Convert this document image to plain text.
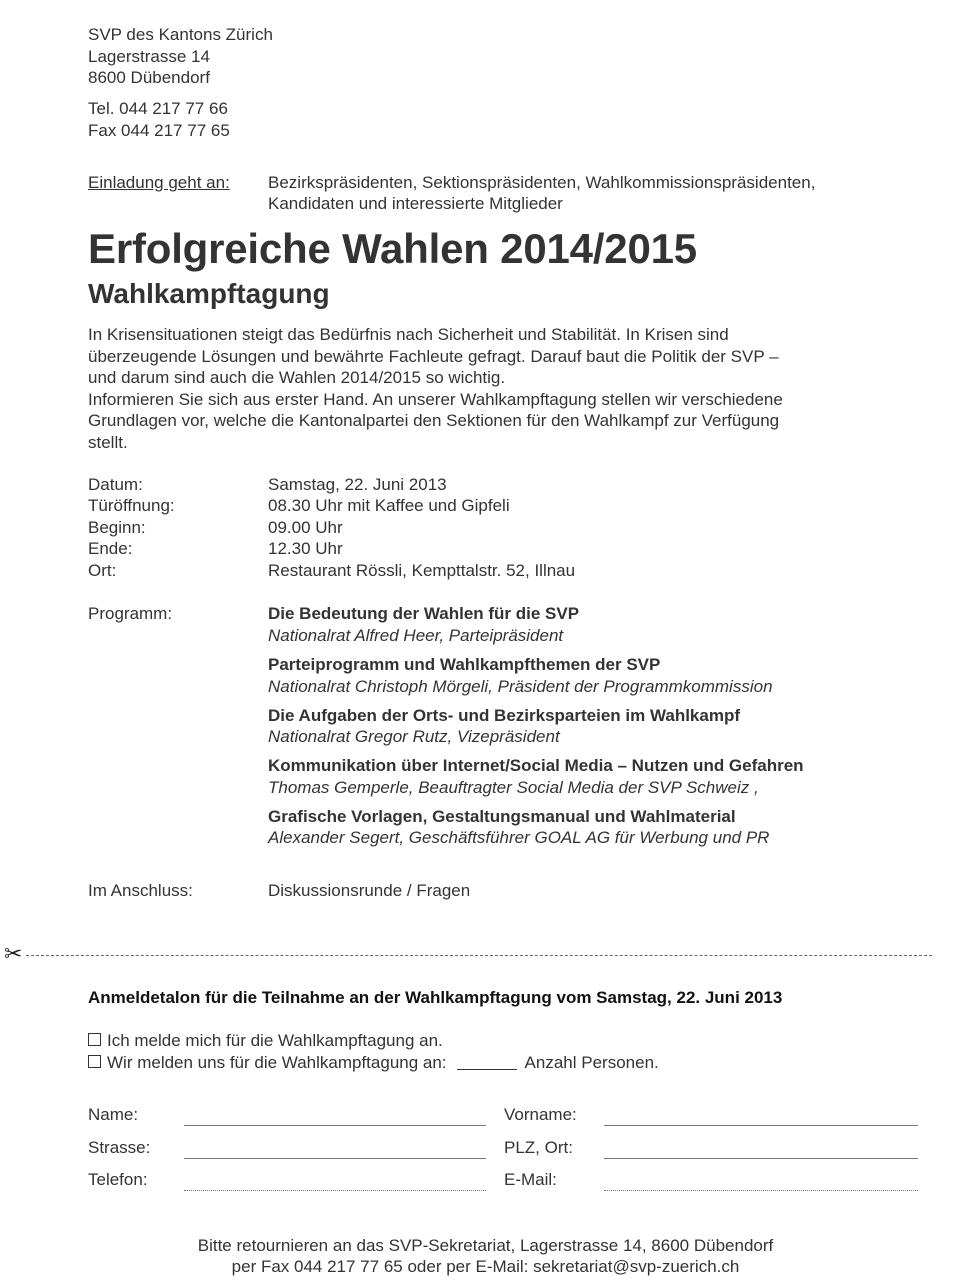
SVP des Kantons Zürich
Lagerstrasse 14
8600 Dübendorf
Tel. 044 217 77 66
Fax 044 217 77 65
Einladung geht an: Bezirkspräsidenten, Sektionspräsidenten, Wahlkommissionspräsidenten,
Kandidaten und interessierte Mitglieder
Erfolgreiche Wahlen 2014/2015
Wahlkampftagung

In Krisensituationen steigt das Bedürfnis nach Sicherheit und Stabilität. In Krisen sind

überzeugende Lösungen und bewährte Fachleute gefragt. Darauf baut die Politik der SVP –

und darum sind auch die Wahlen 2014/2015 so wichtig.

Informieren Sie sich aus erster Hand. An unserer Wahlkampftagung stellen wir verschiedene

Grundlagen vor, welche die Kantonalpartei den Sektionen für den Wahlkampf zur Verfügung

stellt.

Datum:	Samstag, 22. Juni 2013
Türöffnung:	08.30 Uhr mit Kaffee und Gipfeli
Beginn:	09.00 Uhr
Ende:	12.30 Uhr
Ort:	Restaurant Rössli, Kempttalstr. 52, Illnau
Programm:	Die Bedeutung der Wahlen für die SVP
Nationalrat Alfred Heer, Parteipräsident
Parteiprogramm und Wahlkampfthemen der SVP
Nationalrat Christoph Mörgeli, Präsident der Programmkommission
Die Aufgaben der Orts- und Bezirksparteien im Wahlkampf
Nationalrat Gregor Rutz, Vizepräsident
Kommunikation über Internet/Social Media – Nutzen und Gefahren
Thomas Gemperle, Beauftragter Social Media der SVP Schweiz ,
Grafische Vorlagen, Gestaltungsmanual und Wahlmaterial
Alexander Segert, Geschäftsführer GOAL AG für Werbung und PR
Im Anschluss:	Diskussionsrunde / Fragen
✂
Anmeldetalon für die Teilnahme an der Wahlkampftagung vom Samstag, 22. Juni 2013
Ich melde mich für die Wahlkampftagung an.
Wir melden uns für die Wahlkampftagung an:	Anzahl Personen.
Name:	Vorname:
Strasse:	PLZ, Ort:
Telefon:	E-Mail:
Bitte retournieren an das SVP-Sekretariat, Lagerstrasse 14, 8600 Dübendorf
per Fax 044 217 77 65 oder per E-Mail: sekretariat@svp-zuerich.ch
